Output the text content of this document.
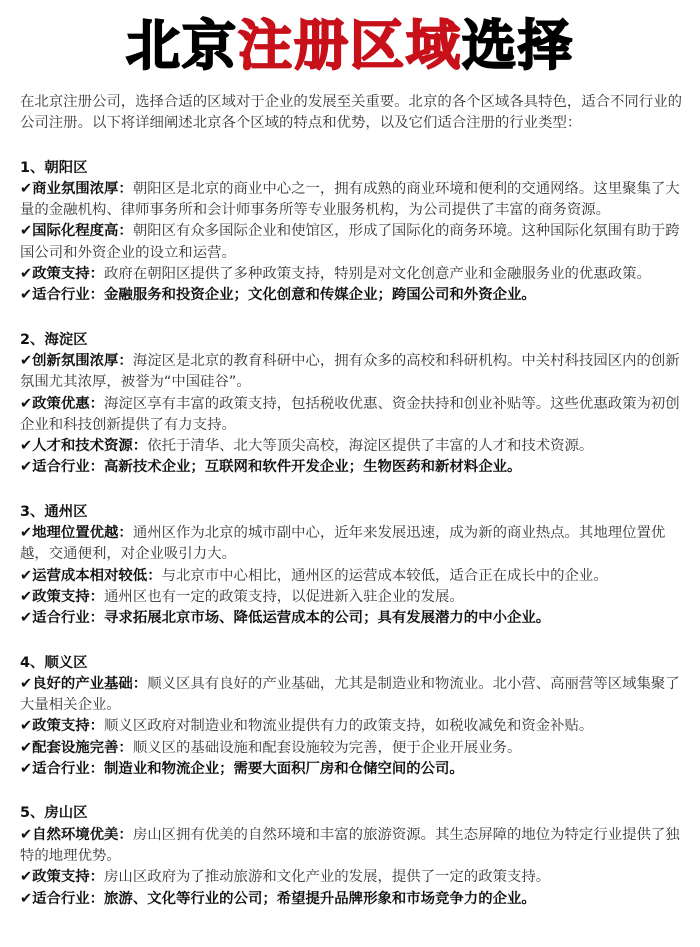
北京注册区域选择

在北京注册公司，选择合适的区域对于企业的发展至关重要。北京的各个区域各具特色，适合不同行业的公司注册。以下将详细阐述北京各个区域的特点和优势，以及它们适合注册的行业类型：

1、朝阳区

✔商业氛围浓厚：朝阳区是北京的商业中心之一，拥有成熟的商业环境和便利的交通网络。这里聚集了大量的金融机构、律师事务所和会计师事务所等专业服务机构，为公司提供了丰富的商务资源。

✔国际化程度高：朝阳区有众多国际企业和使馆区，形成了国际化的商务环境。这种国际化氛围有助于跨国公司和外资企业的设立和运营。

✔政策支持：政府在朝阳区提供了多种政策支持，特别是对文化创意产业和金融服务业的优惠政策。

✔适合行业：金融服务和投资企业；文化创意和传媒企业；跨国公司和外资企业。

2、海淀区

✔创新氛围浓厚：海淀区是北京的教育科研中心，拥有众多的高校和科研机构。中关村科技园区内的创新氛围尤其浓厚，被誉为“中国硅谷”。

✔政策优惠：海淀区享有丰富的政策支持，包括税收优惠、资金扶持和创业补贴等。这些优惠政策为初创企业和科技创新提供了有力支持。

✔人才和技术资源：依托于清华、北大等顶尖高校，海淀区提供了丰富的人才和技术资源。

✔适合行业：高新技术企业；互联网和软件开发企业；生物医药和新材料企业。

3、通州区

✔地理位置优越：通州区作为北京的城市副中心，近年来发展迅速，成为新的商业热点。其地理位置优越，交通便利，对企业吸引力大。

✔运营成本相对较低：与北京市中心相比，通州区的运营成本较低，适合正在成长中的企业。

✔政策支持：通州区也有一定的政策支持，以促进新入驻企业的发展。

✔适合行业：寻求拓展北京市场、降低运营成本的公司；具有发展潜力的中小企业。

4、顺义区

✔良好的产业基础：顺义区具有良好的产业基础，尤其是制造业和物流业。北小营、高丽营等区域集聚了大量相关企业。

✔政策支持：顺义区政府对制造业和物流业提供有力的政策支持，如税收减免和资金补贴。

✔配套设施完善：顺义区的基础设施和配套设施较为完善，便于企业开展业务。

✔适合行业：制造业和物流企业；需要大面积厂房和仓储空间的公司。

5、房山区

✔自然环境优美：房山区拥有优美的自然环境和丰富的旅游资源。其生态屏障的地位为特定行业提供了独特的地理优势。

✔政策支持：房山区政府为了推动旅游和文化产业的发展，提供了一定的政策支持。

✔适合行业：旅游、文化等行业的公司；希望提升品牌形象和市场竞争力的企业。
